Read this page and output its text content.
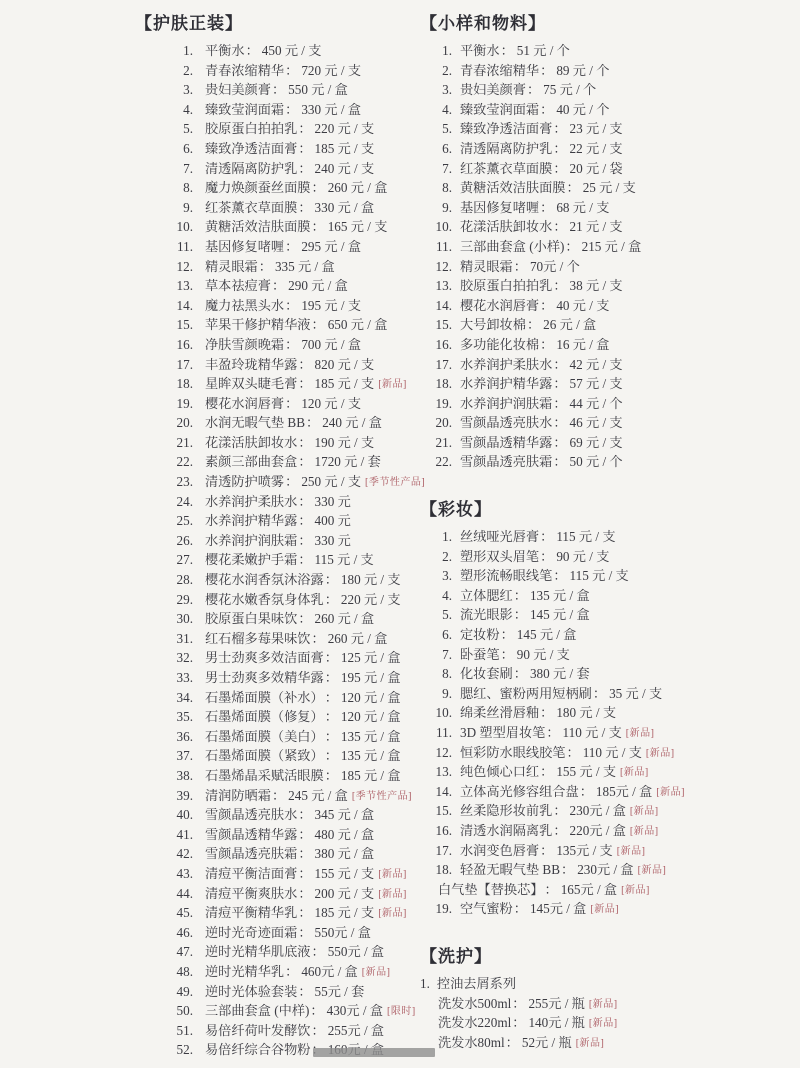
【护肤正装】
1. 平衡水 ： 450 元 / 支
2. 青春浓缩精华 ： 720 元 / 支
3. 贵妇美颜膏 ： 550 元 / 盒
4. 臻致莹润面霜 ： 330 元 / 盒
5. 胶原蛋白拍拍乳 ： 220 元 / 支
6. 臻致净透洁面膏 ： 185 元 / 支
7. 清透隔离防护乳 ： 240 元 / 支
8. 魔力焕颜蚕丝面膜 ： 260 元 / 盒
9. 红茶薰衣草面膜 ： 330 元 / 盒
10. 黄糖活效洁肤面膜 ： 165 元 / 支
11. 基因修复啫喱 ： 295 元 / 盒
12. 精灵眼霜 ： 335 元 / 盒
13. 草本祛痘膏 ： 290 元 / 盒
14. 魔力祛黑头水 ： 195 元 / 支
15. 苹果干修护精华液 ： 650 元 / 盒
16. 净肤雪颜晚霜 ： 700 元 / 盒
17. 丰盈玲珑精华露 ： 820 元 / 支
18. 星眸双头睫毛膏 ： 185 元 / 支 [新品]
19. 樱花水润唇膏 ： 120 元 / 支
20. 水润无暇气垫 BB ： 240 元 / 盒
21. 花漾活肤卸妆水 ： 190 元 / 支
22. 素颜三部曲套盒 ： 1720 元 / 套
23. 清透防护喷雾 ： 250 元 / 支 [季节性产品]
24. 水养润护柔肤水 ： 330 元
25. 水养润护精华露 ： 400 元
26. 水养润护润肤霜 ： 330 元
27. 樱花柔嫩护手霜 ： 115 元 / 支
28. 樱花水润香氛沐浴露 ： 180 元 / 支
29. 樱花水嫩香氛身体乳 ： 220 元 / 支
30. 胶原蛋白果味饮 ： 260 元 / 盒
31. 红石榴多莓果味饮 ： 260 元 / 盒
32. 男士劲爽多效洁面膏 ： 125 元 / 盒
33. 男士劲爽多效精华露 ： 195 元 / 盒
34. 石墨烯面膜（补水） ： 120 元 / 盒
35. 石墨烯面膜（修复） ： 120 元 / 盒
36. 石墨烯面膜（美白） ： 135 元 / 盒
37. 石墨烯面膜（紧致） ： 135 元 / 盒
38. 石墨烯晶采赋活眼膜 ： 185 元 / 盒
39. 清润防晒霜 ： 245 元 / 盒 [季节性产品]
40. 雪颜晶透亮肤水 ： 345 元 / 盒
41. 雪颜晶透精华露 ： 480 元 / 盒
42. 雪颜晶透亮肤霜 ： 380 元 / 盒
43. 清痘平衡洁面膏 ： 155 元 / 支 [新品]
44. 清痘平衡爽肤水 ： 200 元 / 支 [新品]
45. 清痘平衡精华乳 ： 185 元 / 支 [新品]
46. 逆时光奇迹面霜 ： 550元 / 盒
47. 逆时光精华肌底液 ： 550元 / 盒
48. 逆时光精华乳 ： 460元 / 盒 [新品]
49. 逆时光体验套装 ： 55元 / 套
50. 三部曲套盒 (中样) ： 430元 / 盒 [限时]
51. 易倍纤荷叶发酵饮 ： 255元 / 盒
52. 易倍纤综合谷物粉
【小样和物料】
1. 平衡水 ： 51 元 / 个
2. 青春浓缩精华 ： 89 元 / 个
3. 贵妇美颜膏 ： 75 元 / 个
4. 臻致莹润面霜 ： 40 元 / 个
5. 臻致净透洁面膏 ： 23 元 / 支
6. 清透隔离防护乳 ： 22 元 / 支
7. 红茶薰衣草面膜 ： 20 元 / 袋
8. 黄糖活效洁肤面膜 ： 25 元 / 支
9. 基因修复啫喱 ： 68 元 / 支
10. 花漾活肤卸妆水 ： 21 元 / 支
11. 三部曲套盒 (小样) ： 215 元 / 盒
12. 精灵眼霜 ： 70元 / 个
13. 胶原蛋白拍拍乳 ： 38 元 / 支
14. 樱花水润唇膏 ： 40 元 / 支
15. 大号卸妆棉 ： 26 元 / 盒
16. 多功能化妆棉 ： 16 元 / 盒
17. 水养润护柔肤水 ： 42 元 / 支
18. 水养润护精华露 ： 57 元 / 支
19. 水养润护润肤霜 ： 44 元 / 个
20. 雪颜晶透亮肤水 ： 46 元 / 支
21. 雪颜晶透精华露 ： 69 元 / 支
22. 雪颜晶透亮肤霜 ： 50 元 / 个
【彩妆】
1. 丝绒哑光唇膏 ： 115 元 / 支
2. 塑形双头眉笔 ： 90 元 / 支
3. 塑形流畅眼线笔 ： 115 元 / 支
4. 立体腮红 ： 135 元 / 盒
5. 流光眼影 ： 145 元 / 盒
6. 定妆粉 ： 145 元 / 盒
7. 卧蚕笔 ： 90 元 / 支
8. 化妆套刷 ： 380 元 / 套
9. 腮红、蜜粉两用短柄刷 ： 35 元 / 支
10. 绵柔丝滑唇釉 ： 180 元 / 支
11. 3D 塑型眉妆笔 ： 110 元 / 支 [新品]
12. 恒彩防水眼线胶笔 ： 110 元 / 支 [新品]
13. 纯色倾心口红 ： 155 元 / 支 [新品]
14. 立体高光修容组合盘 ： 185元 / 盒 [新品]
15. 丝柔隐形妆前乳 ： 230元 / 盒 [新品]
16. 清透水润隔离乳 ： 220元 / 盒 [新品]
17. 水润变色唇膏 ： 135元 / 支 [新品]
18. 轻盈无暇气垫 BB ： 230元 / 盒 [新品]
白气垫【替换芯】 ： 165元 / 盒 [新品]
19. 空气蜜粉 ： 145元 / 盒 [新品]
【洗护】
1. 控油去屑系列
洗发水500ml ： 255元 / 瓶 [新品]
洗发水220ml ： 140元 / 瓶 [新品]
洗发水80ml ： 52元 / 瓶 [新品]
